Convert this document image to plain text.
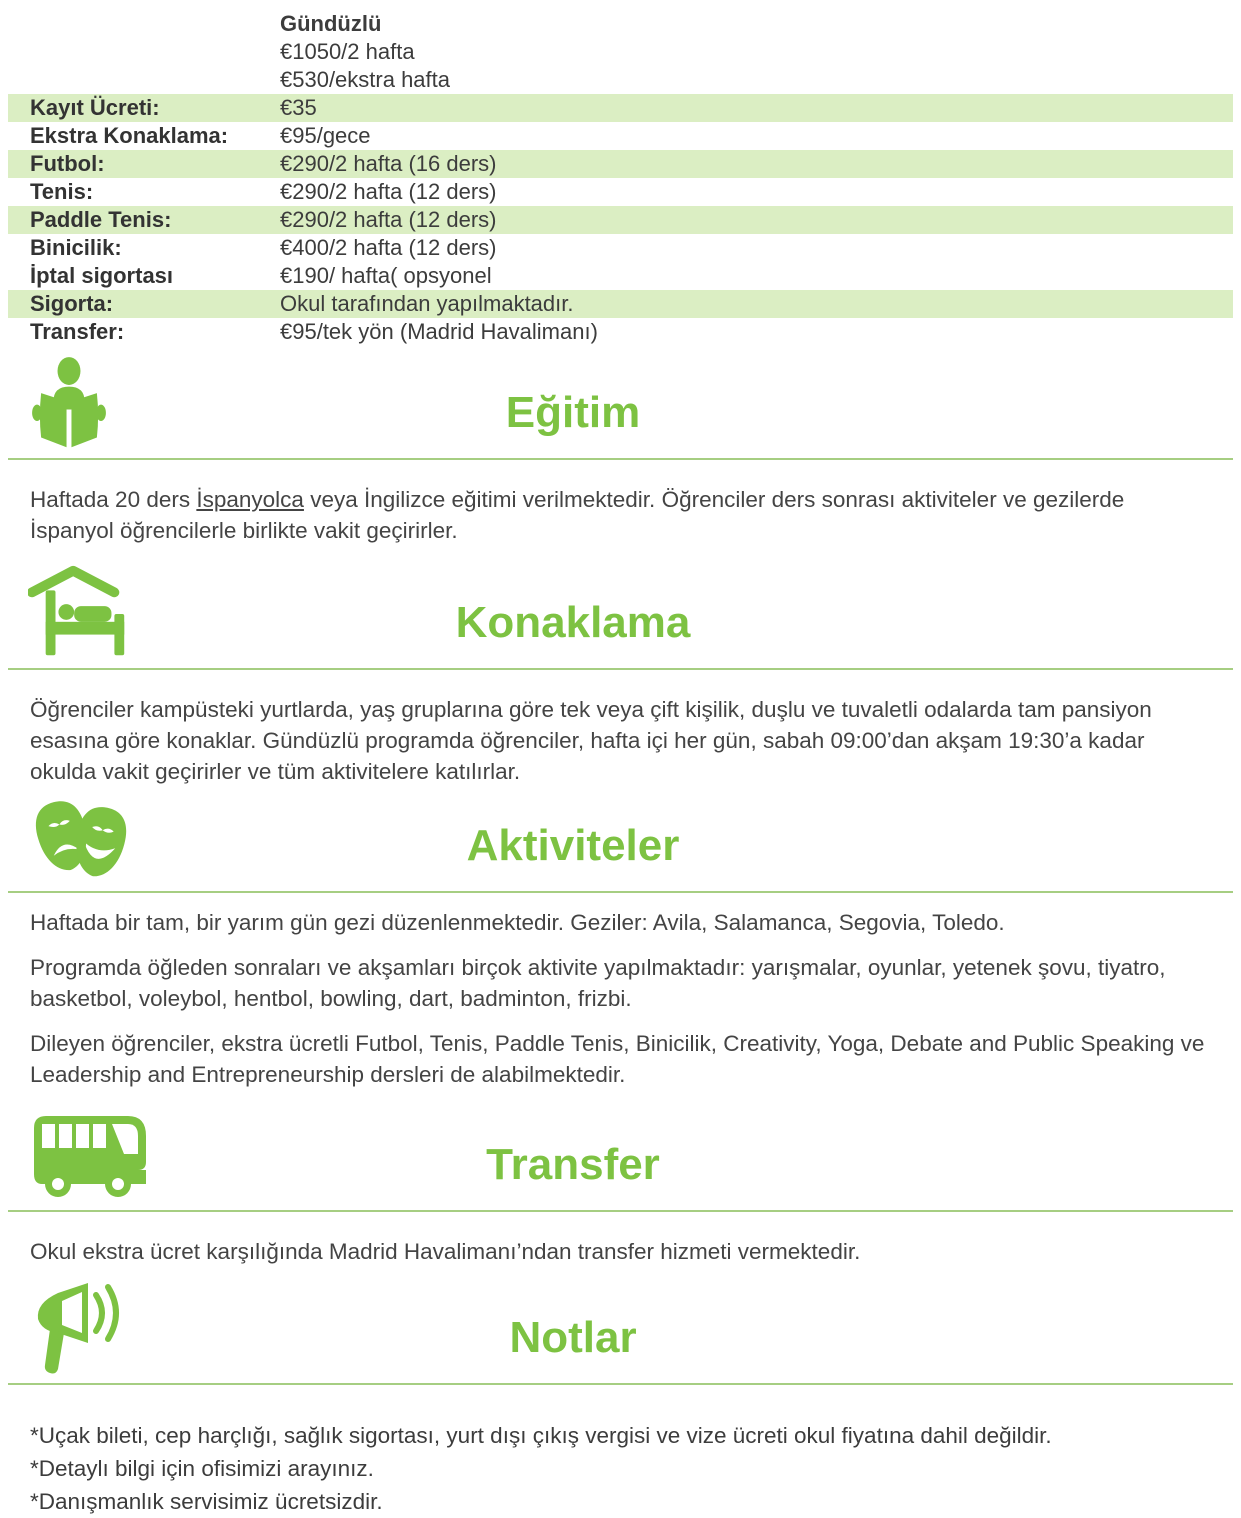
Gündüzlü
€1050/2 hafta
€530/ekstra hafta
Kayıt Ücreti:	€35
Ekstra Konaklama:	€95/gece
Futbol:	€290/2 hafta (16 ders)
Tenis:	€290/2 hafta (12 ders)
Paddle Tenis:	€290/2 hafta (12 ders)
Binicilik:	€400/2 hafta (12 ders)
İptal sigortası	€190/ hafta( opsyonel
Sigorta:	Okul tarafından yapılmaktadır.
Transfer:	€95/tek yön (Madrid Havalimanı)
Eğitim
Haftada 20 ders İspanyolca veya İngilizce eğitimi verilmektedir. Öğrenciler ders sonrası aktiviteler ve gezilerde İspanyol öğrencilerle birlikte vakit geçirirler.
Konaklama
Öğrenciler kampüsteki yurtlarda, yaş gruplarına göre tek veya çift kişilik, duşlu ve tuvaletli odalarda tam pansiyon esasına göre konaklar. Gündüzlü programda öğrenciler, hafta içi her gün, sabah 09:00’dan akşam 19:30’a kadar okulda vakit geçirirler ve tüm aktivitelere katılırlar.
Aktiviteler
Haftada bir tam, bir yarım gün gezi düzenlenmektedir. Geziler: Avila, Salamanca, Segovia, Toledo.
Programda öğleden sonraları ve akşamları birçok aktivite yapılmaktadır: yarışmalar, oyunlar, yetenek şovu, tiyatro, basketbol, voleybol, hentbol, bowling, dart, badminton, frizbi.
Dileyen öğrenciler, ekstra ücretli Futbol, Tenis, Paddle Tenis, Binicilik, Creativity, Yoga, Debate and Public Speaking ve Leadership and Entrepreneurship dersleri de alabilmektedir.
Transfer
Okul ekstra ücret karşılığında Madrid Havalimanı’ndan transfer hizmeti vermektedir.
Notlar
*Uçak bileti, cep harçlığı, sağlık sigortası, yurt dışı çıkış vergisi ve vize ücreti okul fiyatına dahil değildir.
*Detaylı bilgi için ofisimizi arayınız.
*Danışmanlık servisimiz ücretsizdir.
